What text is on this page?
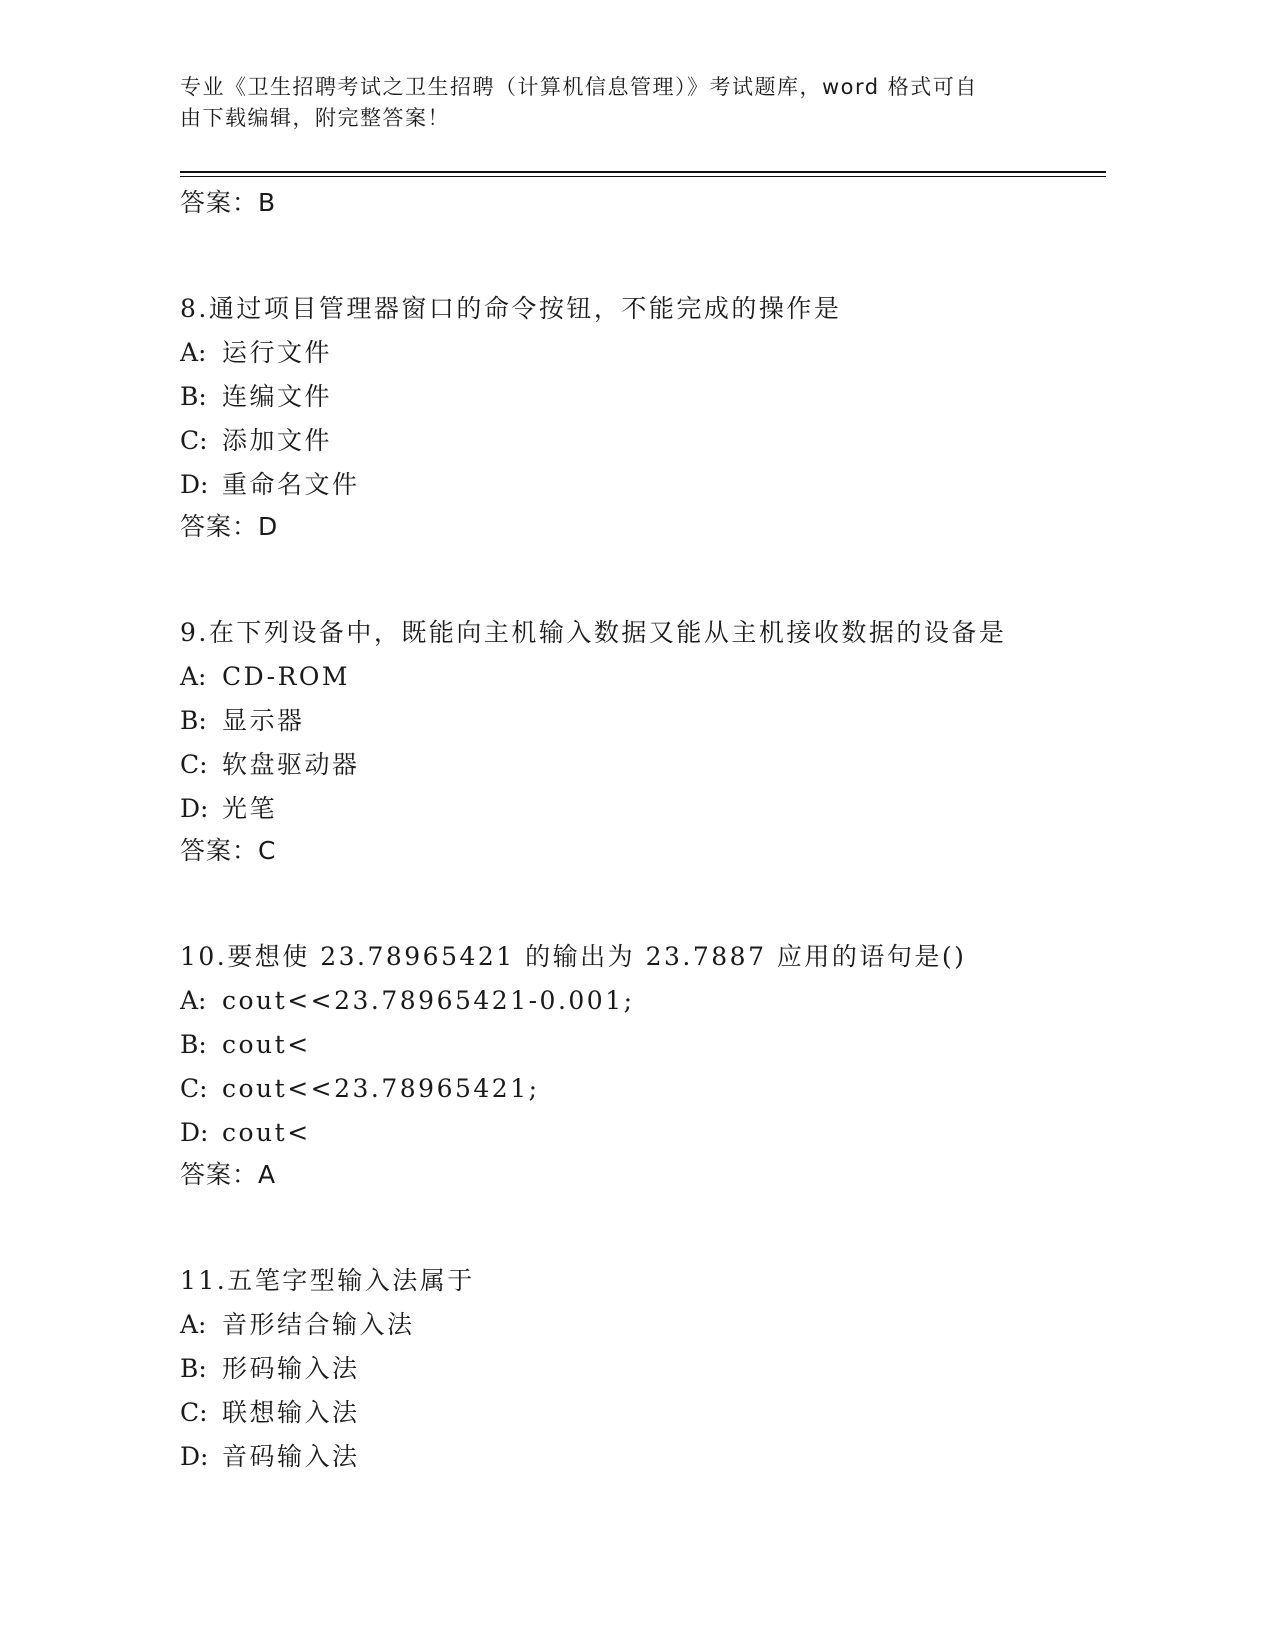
专业《卫生招聘考试之卫生招聘（计算机信息管理）》考试题库，word 格式可自
由下载编辑，附完整答案！
答案：B
8.通过项目管理器窗口的命令按钮，不能完成的操作是
A: 运行文件
B: 连编文件
C: 添加文件
D: 重命名文件
答案：D
9.在下列设备中，既能向主机输入数据又能从主机接收数据的设备是
A: CD-ROM
B: 显示器
C: 软盘驱动器
D: 光笔
答案：C
10.要想使 23.78965421 的输出为 23.7887 应用的语句是()
A: cout<<23.78965421-0.001;
B: cout<
C: cout<<23.78965421;
D: cout<
答案：A
11.五笔字型输入法属于
A: 音形结合输入法
B: 形码输入法
C: 联想输入法
D: 音码输入法
